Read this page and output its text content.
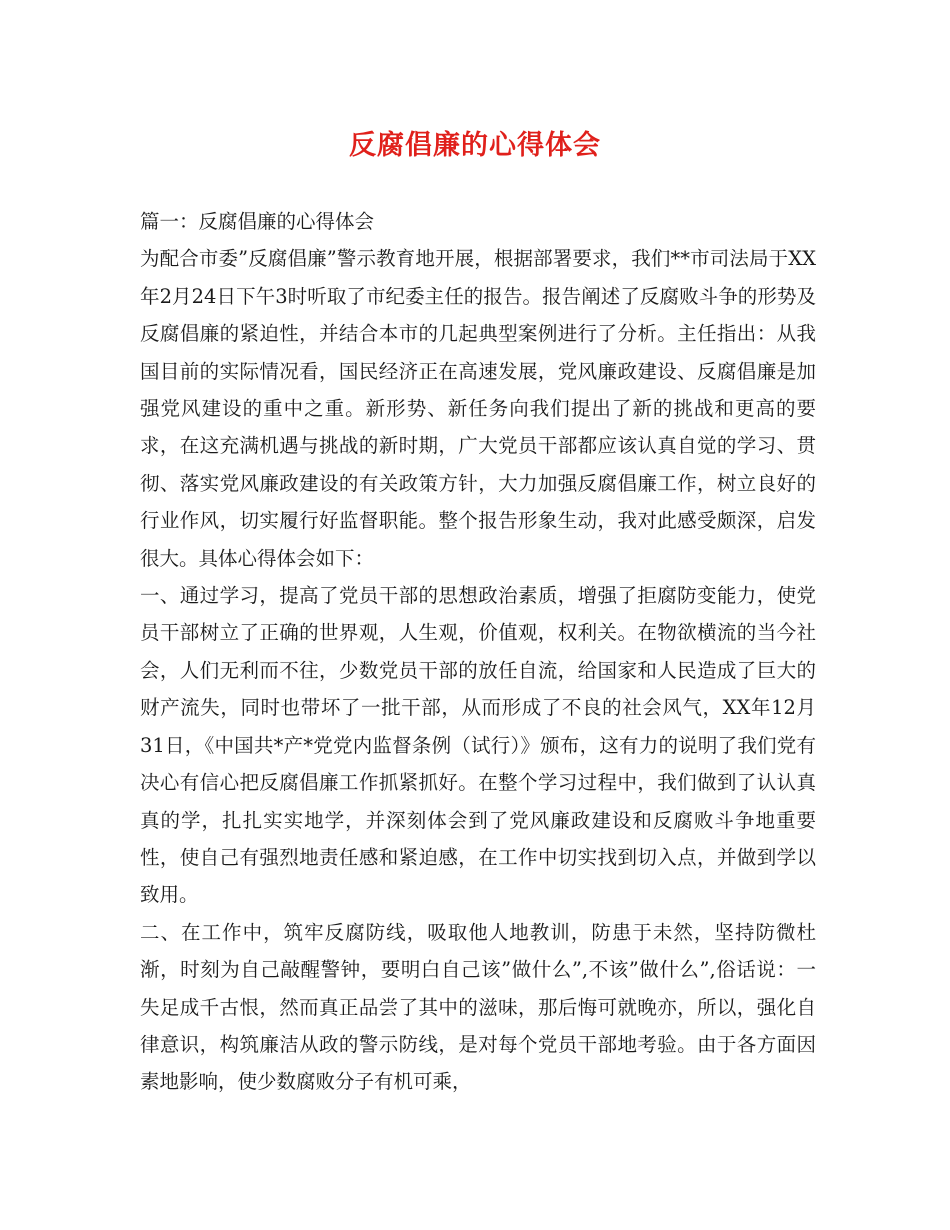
反腐倡廉的心得体会

篇一：反腐倡廉的心得体会

为配合市委”反腐倡廉”警示教育地开展，根据部署要求，我们**市司法局于XX年2月24日下午3时听取了市纪委主任的报告。报告阐述了反腐败斗争的形势及反腐倡廉的紧迫性，并结合本市的几起典型案例进行了分析。主任指出：从我国目前的实际情况看，国民经济正在高速发展，党风廉政建设、反腐倡廉是加强党风建设的重中之重。新形势、新任务向我们提出了新的挑战和更高的要求，在这充满机遇与挑战的新时期，广大党员干部都应该认真自觉的学习、贯彻、落实党风廉政建设的有关政策方针，大力加强反腐倡廉工作，树立良好的行业作风，切实履行好监督职能。整个报告形象生动，我对此感受颇深，启发很大。具体心得体会如下：

一、通过学习，提高了党员干部的思想政治素质，增强了拒腐防变能力，使党员干部树立了正确的世界观，人生观，价值观，权利关。在物欲横流的当今社会，人们无利而不往，少数党员干部的放任自流，给国家和人民造成了巨大的财产流失，同时也带坏了一批干部，从而形成了不良的社会风气，XX年12月31日，《中国共*产*党党内监督条例（试行）》颁布，这有力的说明了我们党有决心有信心把反腐倡廉工作抓紧抓好。在整个学习过程中，我们做到了认认真真的学，扎扎实实地学，并深刻体会到了党风廉政建设和反腐败斗争地重要性，使自己有强烈地责任感和紧迫感，在工作中切实找到切入点，并做到学以致用。

二、在工作中，筑牢反腐防线，吸取他人地教训，防患于未然，坚持防微杜渐，时刻为自己敲醒警钟，要明白自己该”做什么”,不该”做什么”,俗话说：一失足成千古恨，然而真正品尝了其中的滋味，那后悔可就晚亦，所以，强化自律意识，构筑廉洁从政的警示防线，是对每个党员干部地考验。由于各方面因素地影响，使少数腐败分子有机可乘，
